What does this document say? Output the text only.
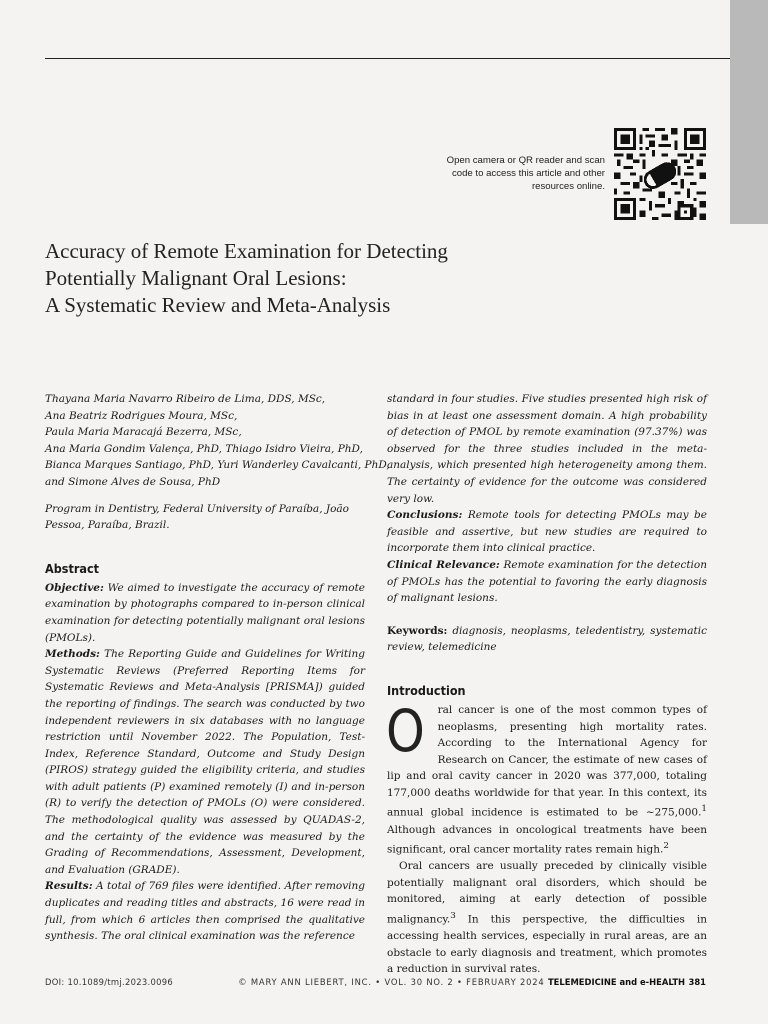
Open camera or QR reader and scan code to access this article and other resources online.
Accuracy of Remote Examination for Detecting
Potentially Malignant Oral Lesions:
A Systematic Review and Meta-Analysis

Thayana Maria Navarro Ribeiro de Lima, DDS, MSc,
Ana Beatriz Rodrigues Moura, MSc,
Paula Maria Maracajá Bezerra, MSc,
Ana Maria Gondim Valença, PhD, Thiago Isidro Vieira, PhD,
Bianca Marques Santiago, PhD, Yuri Wanderley Cavalcanti, PhD,
and Simone Alves de Sousa, PhD

Program in Dentistry, Federal University of Paraíba, João Pessoa, Paraíba, Brazil.

Abstract

Objective: We aimed to investigate the accuracy of remote examination by photographs compared to in-person clinical examination for detecting potentially malignant oral lesions (PMOLs).

Methods: The Reporting Guide and Guidelines for Writing Systematic Reviews (Preferred Reporting Items for Systematic Reviews and Meta-Analysis [PRISMA]) guided the reporting of findings. The search was conducted by two independent reviewers in six databases with no language restriction until November 2022. The Population, Test-Index, Reference Standard, Outcome and Study Design (PIROS) strategy guided the eligibility criteria, and studies with adult patients (P) examined remotely (I) and in-person (R) to verify the detection of PMOLs (O) were considered. The methodological quality was assessed by QUADAS-2, and the certainty of the evidence was measured by the Grading of Recommendations, Assessment, Development, and Evaluation (GRADE).

Results: A total of 769 files were identified. After removing duplicates and reading titles and abstracts, 16 were read in full, from which 6 articles then comprised the qualitative synthesis. The oral clinical examination was the reference

standard in four studies. Five studies presented high risk of bias in at least one assessment domain. A high probability of detection of PMOL by remote examination (97.37%) was observed for the three studies included in the meta-analysis, which presented high heterogeneity among them. The certainty of evidence for the outcome was considered very low.

Conclusions: Remote tools for detecting PMOLs may be feasible and assertive, but new studies are required to incorporate them into clinical practice.

Clinical Relevance: Remote examination for the detection of PMOLs has the potential to favoring the early diagnosis of malignant lesions.

Keywords: diagnosis, neoplasms, teledentistry, systematic review, telemedicine

Introduction

O ral cancer is one of the most common types of neoplasms, presenting high mortality rates. According to the International Agency for Research on Cancer, the estimate of new cases of lip and oral cavity cancer in 2020 was 377,000, totaling 177,000 deaths worldwide for that year. In this context, its annual global incidence is estimated to be ∼275,000.$^1$ Although advances in oncological treatments have been significant, oral cancer mortality rates remain high.$^2$

Oral cancers are usually preceded by clinically visible potentially malignant oral disorders, which should be monitored, aiming at early detection of possible malignancy.$^3$ In this perspective, the difficulties in accessing health services, especially in rural areas, are an obstacle to early diagnosis and treatment, which promotes a reduction in survival rates.

DOI: 10.1089/tmj.2023.0096	© MARY ANN LIEBERT, INC. • VOL. 30 NO. 2 • FEBRUARY 2024 TELEMEDICINE and e-HEALTH 381
